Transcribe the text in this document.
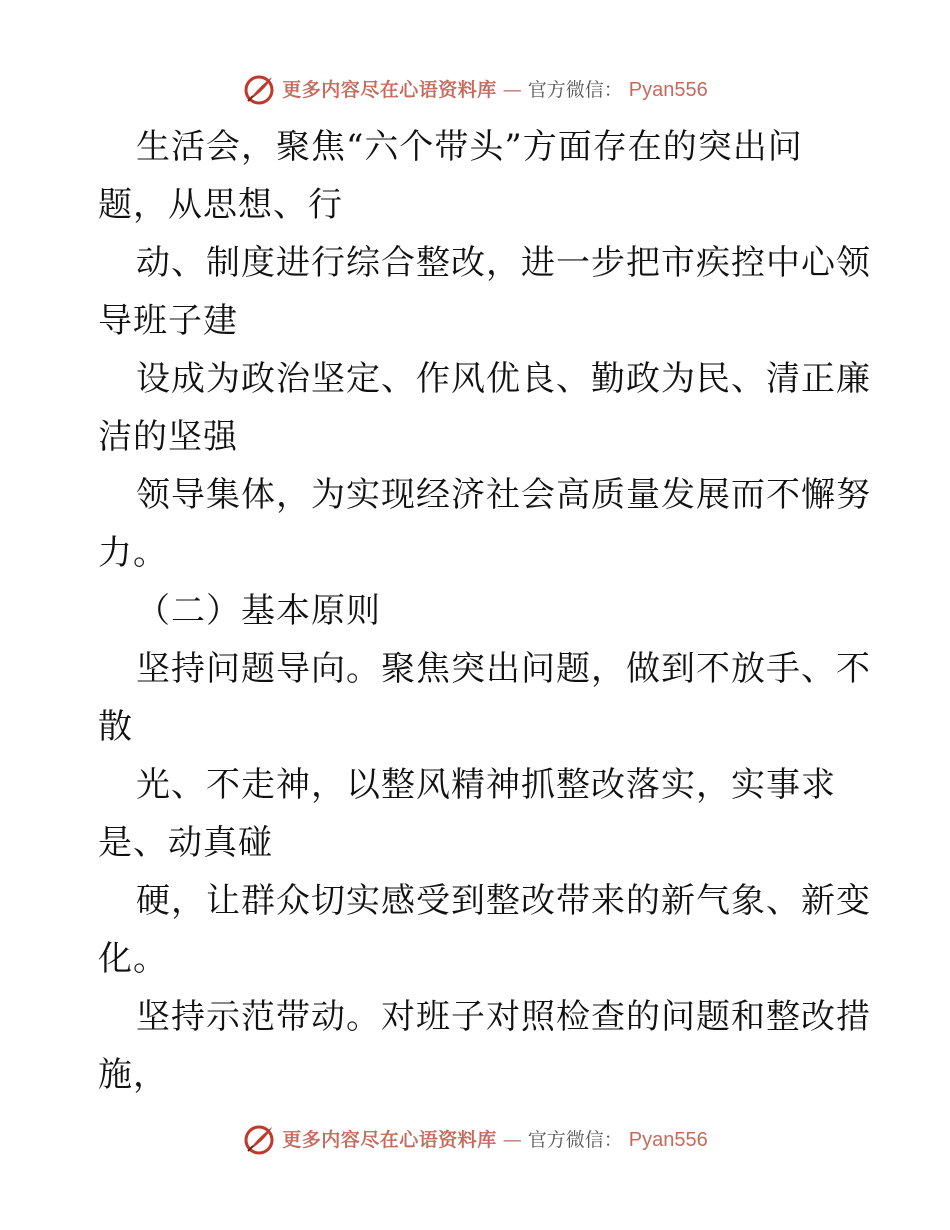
更多内容尽在心语资料库 — 官方微信： Pyan556
生活会，聚焦“六个带头”方面存在的突出问
题，从思想、行
动、制度进行综合整改，进一步把市疾控中心领
导班子建
设成为政治坚定、作风优良、勤政为民、清正廉
洁的坚强
领导集体，为实现经济社会高质量发展而不懈努
力。
（二）基本原则
坚持问题导向。聚焦突出问题，做到不放手、不
散
光、不走神，以整风精神抓整改落实，实事求
是、动真碰
硬，让群众切实感受到整改带来的新气象、新变
化。
坚持示范带动。对班子对照检查的问题和整改措
施，
更多内容尽在心语资料库 — 官方微信： Pyan556
